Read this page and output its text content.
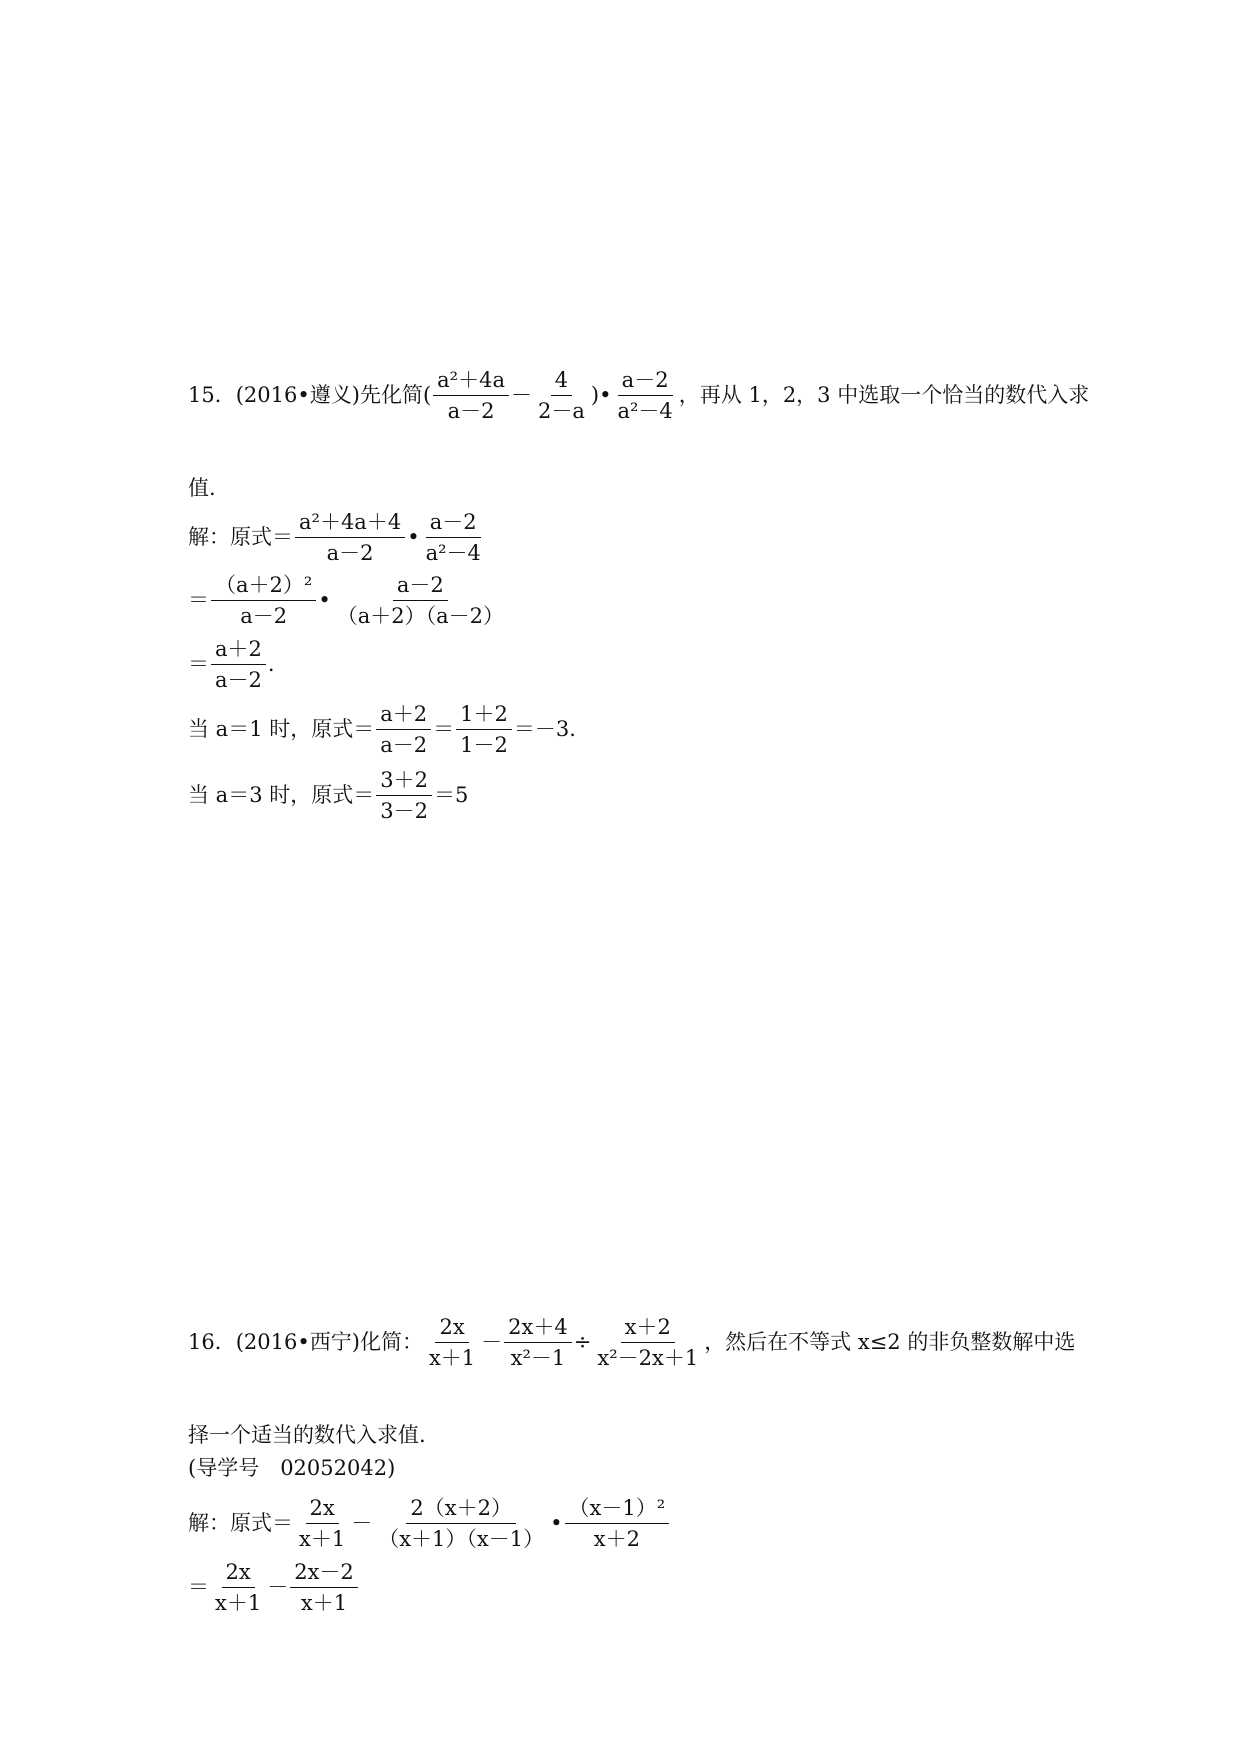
15． (2016•遵义) 先化简 ( $\frac{\text{a²＋4a}}{a-2} - \frac{4}{2-a}$ )• $\frac{a-2}{\text{a²－4}}$ ，再从 1，2，3 中选取一个恰当的数代入求
值.
解：原式＝ $\frac{\text{a²＋4a＋4}}{a-2}$ • $\frac{a-2}{\text{a²－4}}$
＝ $\frac{\text{（a＋2）²}}{a-2}$ • $\frac{a-2}{(a+2)(a-2)}$
＝ $\frac{a+2}{a-2}$ .
当 a＝1 时，原式＝ $\frac{a+2}{a-2} = \frac{1+2}{1-2} =-3$.
当 a＝3 时，原式＝ $\frac{3+2}{3-2} =5$
16． (2016•西宁) 化简： $\frac{2x}{x+1} - \frac{2x+4}{\text{x²－1}} \div \frac{x+2}{\text{x²－2x＋1}}$ ，然后在不等式 x≤2 的非负整数解中选
择一个适当的数代入求值.
(导学号　02052042)
解：原式＝ $\frac{2x}{x+1} - \frac{2(x+2)}{(x+1)(x-1)}$ • $\frac{\text{（x－1）²}}{x+2}$
＝ $\frac{2x}{x+1} - \frac{2x-2}{x+1}$
